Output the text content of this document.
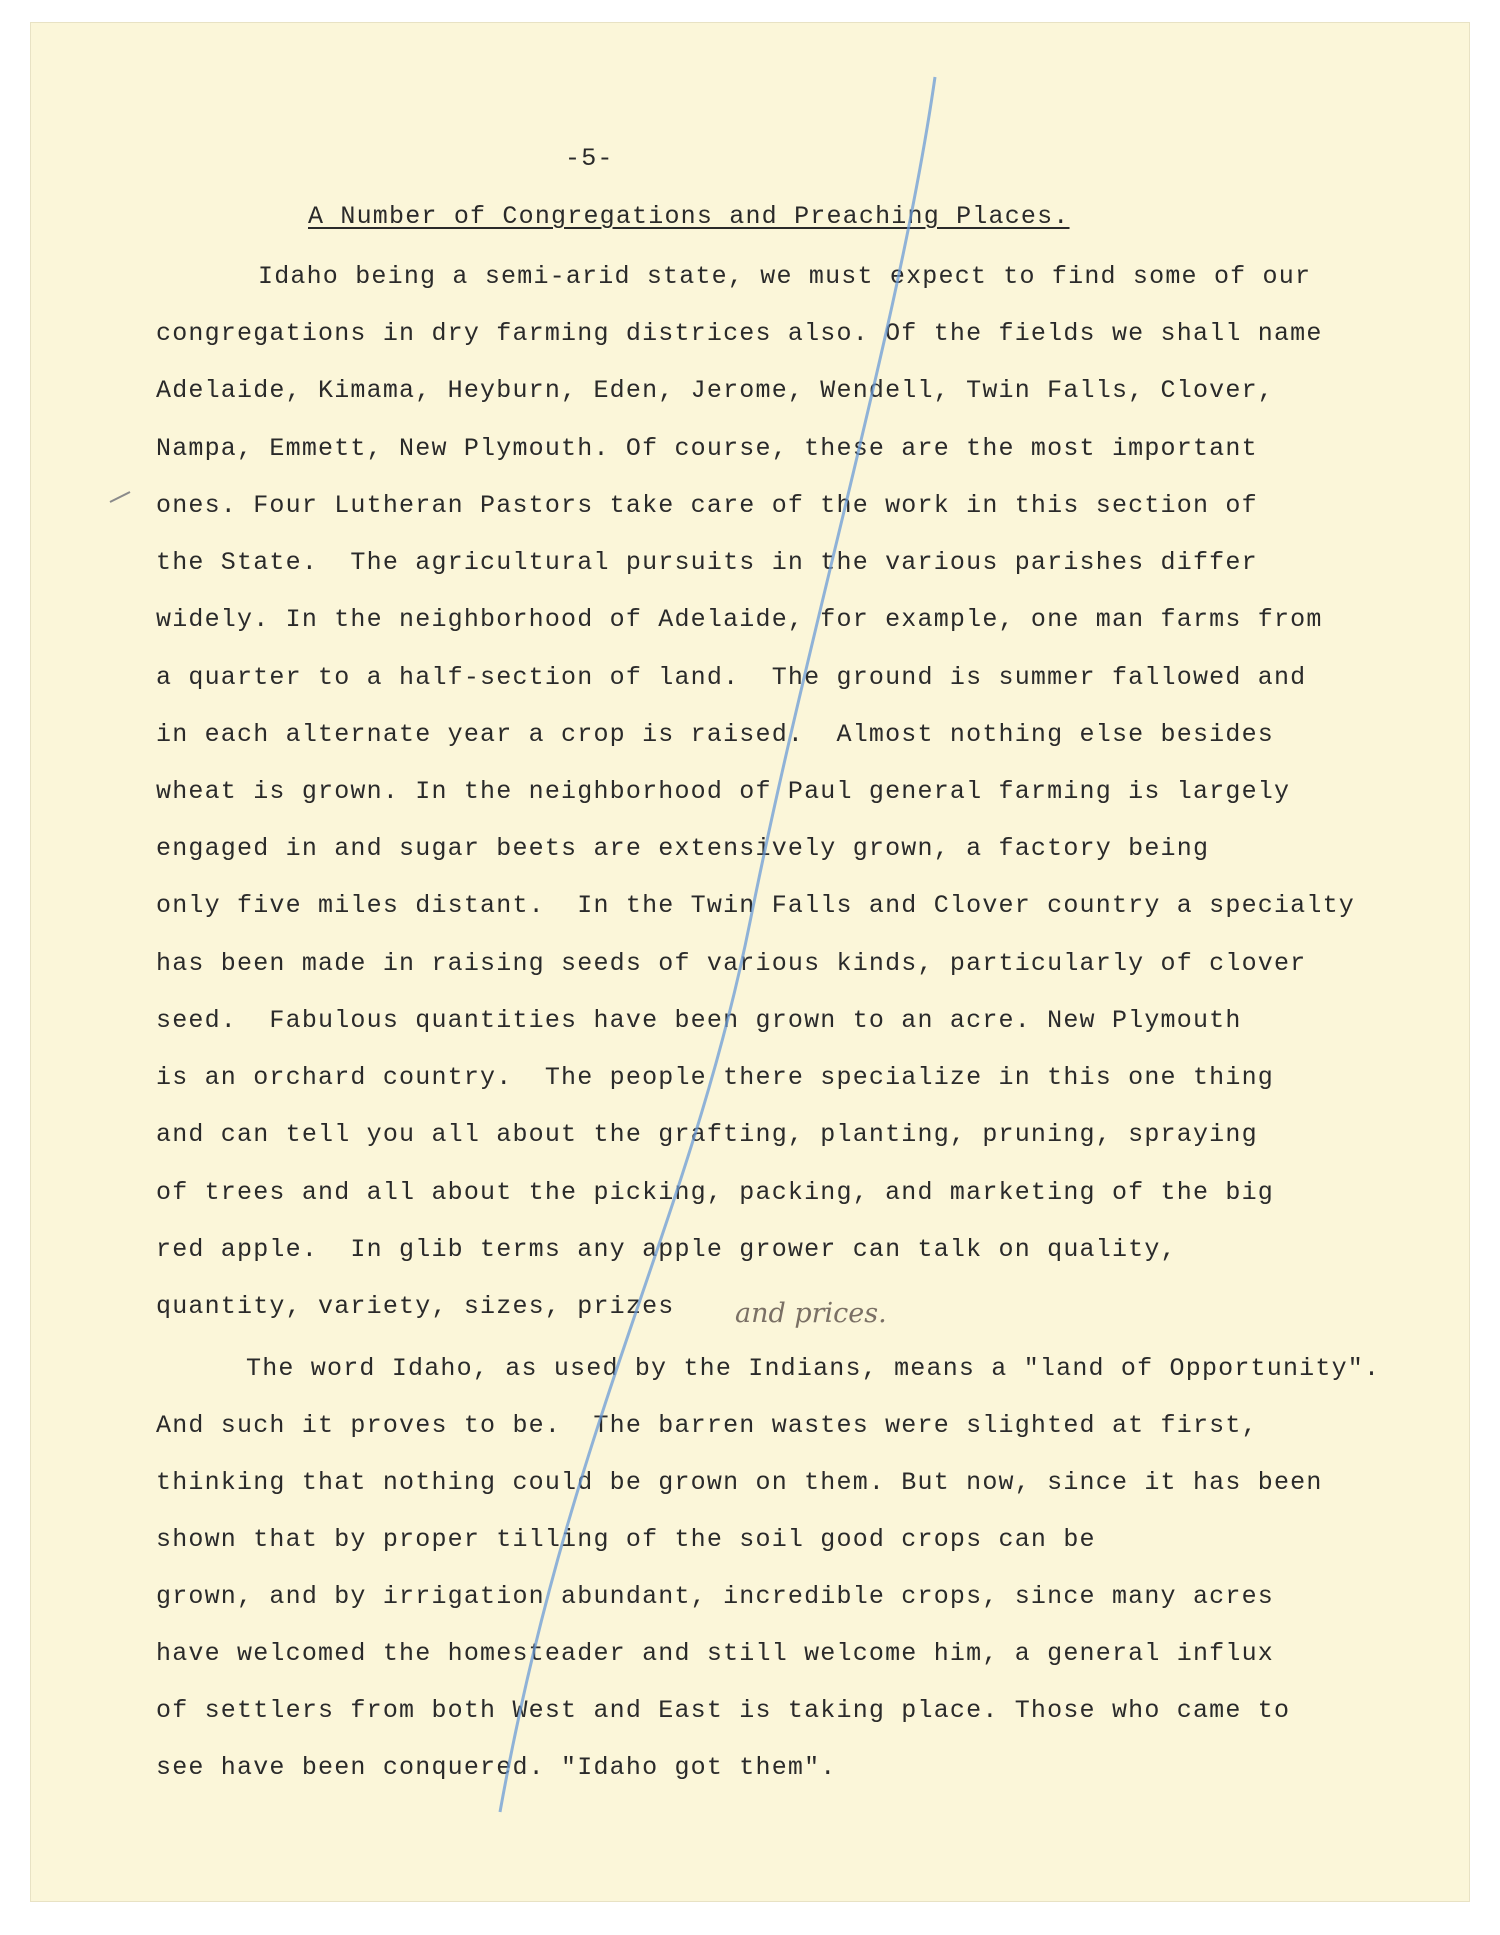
-5-
A Number of Congregations and Preaching Places.
Idaho being a semi-arid state, we must expect to find some of our
congregations in dry farming districes also. Of the fields we shall name
Adelaide, Kimama, Heyburn, Eden, Jerome, Wendell, Twin Falls, Clover,
Nampa, Emmett, New Plymouth. Of course, these are the most important
ones. Four Lutheran Pastors take care of the work in this section of
the State.  The agricultural pursuits in the various parishes differ
widely. In the neighborhood of Adelaide, for example, one man farms from
a quarter to a half-section of land.  The ground is summer fallowed and
in each alternate year a crop is raised.  Almost nothing else besides
wheat is grown. In the neighborhood of Paul general farming is largely
engaged in and sugar beets are extensively grown, a factory being
only five miles distant.  In the Twin Falls and Clover country a specialty
has been made in raising seeds of various kinds, particularly of clover
seed.  Fabulous quantities have been grown to an acre. New Plymouth
is an orchard country.  The people there specialize in this one thing
and can tell you all about the grafting, planting, pruning, spraying
of trees and all about the picking, packing, and marketing of the big
red apple.  In glib terms any apple grower can talk on quality,
quantity, variety, sizes, prizes and prices.
The word Idaho, as used by the Indians, means a "land of Opportunity".
And such it proves to be.  The barren wastes were slighted at first,
thinking that nothing could be grown on them. But now, since it has been
shown that by proper tilling of the soil good crops can be
grown, and by irrigation abundant, incredible crops, since many acres
have welcomed the homesteader and still welcome him, a general influx
of settlers from both West and East is taking place. Those who came to
see have been conquered. "Idaho got them".
